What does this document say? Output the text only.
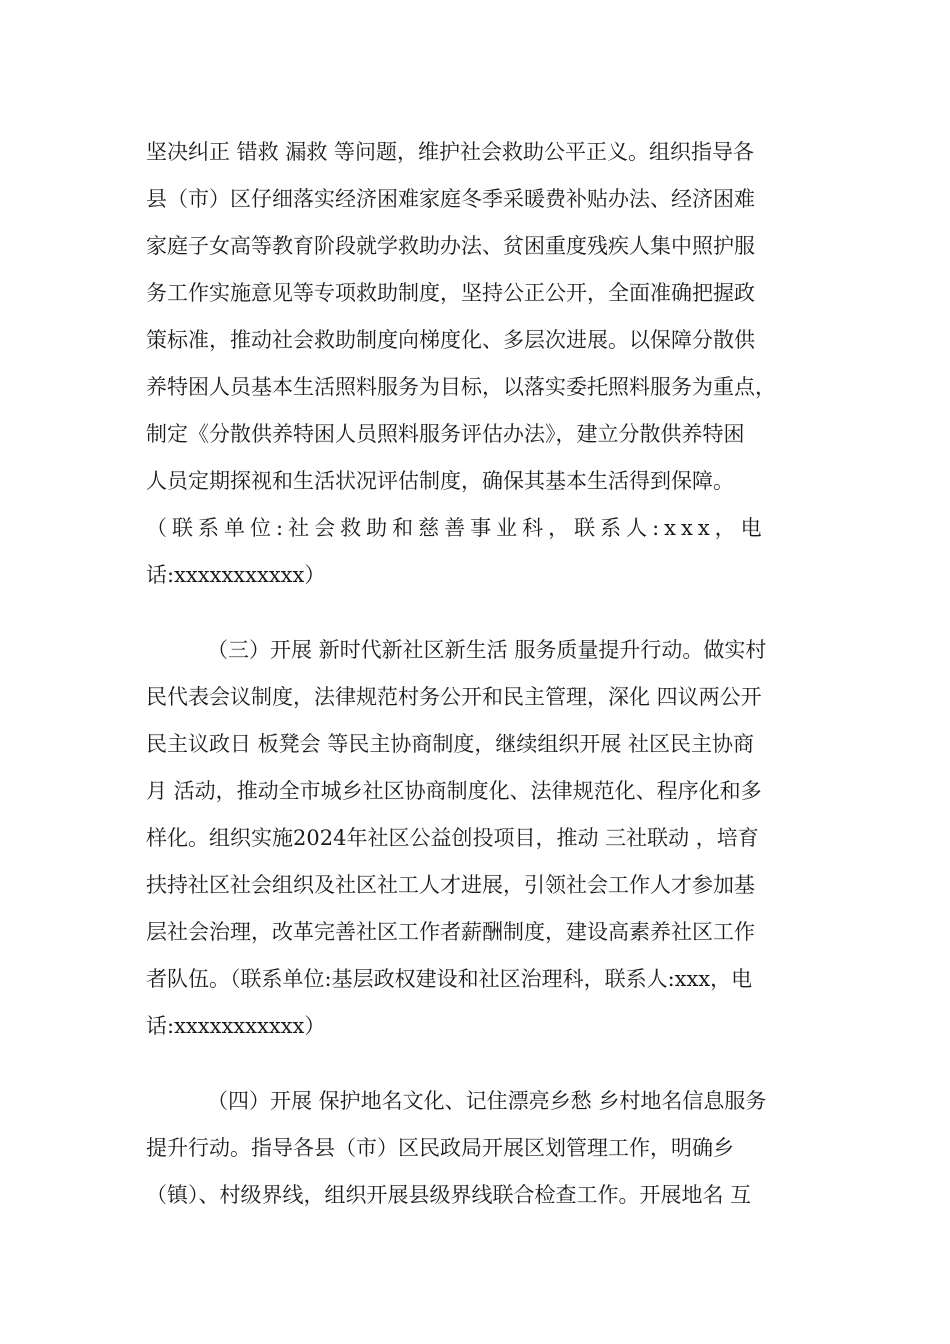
坚决纠正 错救 漏救 等问题，维护社会救助公平正义。组织指导各
县（市）区仔细落实经济困难家庭冬季采暖费补贴办法、经济困难
家庭子女高等教育阶段就学救助办法、贫困重度残疾人集中照护服
务工作实施意见等专项救助制度，坚持公正公开，全面准确把握政
策标准，推动社会救助制度向梯度化、多层次进展。以保障分散供
养特困人员基本生活照料服务为目标，以落实委托照料服务为重点，
制定《分散供养特困人员照料服务评估办法》，建立分散供养特困
人员定期探视和生活状况评估制度，确保其基本生活得到保障。
（联系单位:社会救助和慈善事业科，联系人:xxx，电
话:xxxxxxxxxxx）
（三）开展 新时代新社区新生活 服务质量提升行动。做实村
民代表会议制度，法律规范村务公开和民主管理，深化 四议两公开
民主议政日 板凳会 等民主协商制度，继续组织开展 社区民主协商
月 活动，推动全市城乡社区协商制度化、法律规范化、程序化和多
样化。组织实施2024年社区公益创投项目，推动 三社联动 ，培育
扶持社区社会组织及社区社工人才进展，引领社会工作人才参加基
层社会治理，改革完善社区工作者薪酬制度，建设高素养社区工作
者队伍。（联系单位:基层政权建设和社区治理科，联系人:xxx，电
话:xxxxxxxxxxx）
（四）开展 保护地名文化、记住漂亮乡愁 乡村地名信息服务
提升行动。指导各县（市）区民政局开展区划管理工作，明确乡
（镇）、村级界线，组织开展县级界线联合检查工作。开展地名 互
